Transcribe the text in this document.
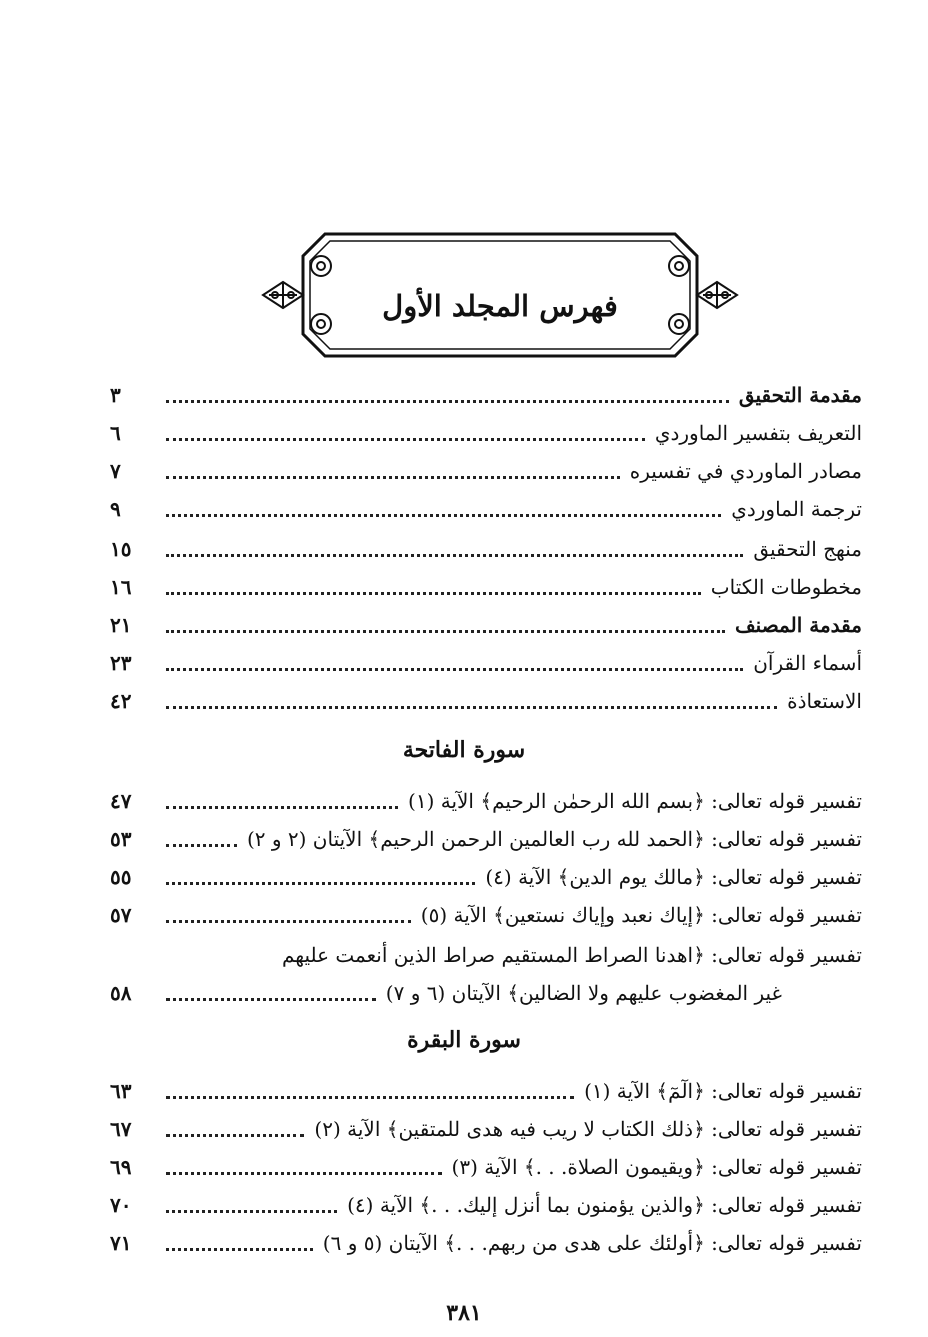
فهرس المجلد الأول
مقدمة التحقيق
٣
التعريف بتفسير الماوردي
٦
مصادر الماوردي في تفسيره
٧
ترجمة الماوردي
٩
منهج التحقيق
١٥
مخطوطات الكتاب
١٦
مقدمة المصنف
٢١
أسماء القرآن
٢٣
الاستعاذة
٤٢
سورة الفاتحة
تفسير قوله تعالى: ﴿بسم الله الرحمٰن الرحيم﴾ الآية (١)
٤٧
تفسير قوله تعالى: ﴿الحمد لله رب العالمين الرحمن الرحيم﴾ الآيتان (٢ و ٢)
٥٣
تفسير قوله تعالى: ﴿مالك يوم الدين﴾ الآية (٤)
٥٥
تفسير قوله تعالى: ﴿إياك نعبد وإياك نستعين﴾ الآية (٥)
٥٧
تفسير قوله تعالى: ﴿اهدنا الصراط المستقيم صراط الذين أنعمت عليهم
غير المغضوب عليهم ولا الضالين﴾ الآيتان (٦ و ٧)
٥٨
سورة البقرة
تفسير قوله تعالى: ﴿الٓمٓ﴾ الآية (١)
٦٣
تفسير قوله تعالى: ﴿ذلك الكتاب لا ريب فيه هدى للمتقين﴾ الآية (٢)
٦٧
تفسير قوله تعالى: ﴿ويقيمون الصلاة. . .﴾ الآية (٣)
٦٩
تفسير قوله تعالى: ﴿والذين يؤمنون بما أنزل إليك. . .﴾ الآية (٤)
٧٠
تفسير قوله تعالى: ﴿أولئك على هدى من ربهم. . .﴾ الآيتان (٥ و ٦)
٧١
٣٨١
